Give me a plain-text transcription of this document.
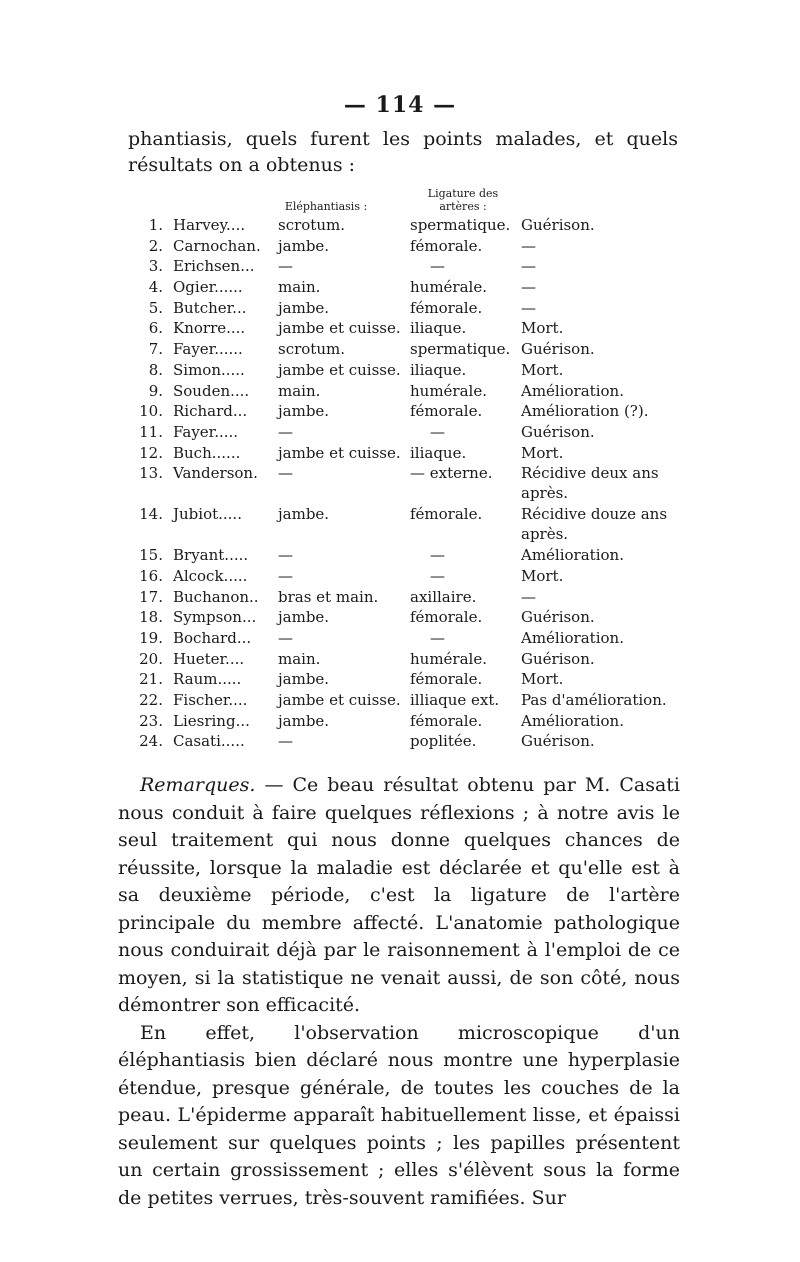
— 114 —

phantiasis, quels furent les points malades, et quels résultats on a obtenus :

Eléphantiasis :
Ligature des artères :
1. Harvey.... scrotum.	spermatique. Guérison.
2. Carnochan. jambe.	fémorale.	—
3. Erichsen... —	—	—
4. Ogier...... main.	humérale. —
5. Butcher... jambe.	fémorale.	—
6. Knorre.... jambe et cuisse. iliaque.	Mort.
7. Fayer...... scrotum.	spermatique. Guérison.
8. Simon..... jambe et cuisse. iliaque.	Mort.
9. Souden.... main.	humérale. Amélioration.
10. Richard... jambe.	fémorale.	Amélioration (?).
11. Fayer.....	—	—	Guérison.
12. Buch......	jambe et cuisse. iliaque.	Mort.
13. Vanderson. —	— externe. Récidive deux ans après.
14. Jubiot..... jambe.	fémorale.	Récidive douze ans après.
15. Bryant..... —	—	Amélioration.
16. Alcock..... —	—	Mort.
17. Buchanon.. bras et main. axillaire.	—
18. Sympson... jambe.	fémorale.	Guérison.
19. Bochard... —	—	Amélioration.
20. Hueter.... main.	humérale. Guérison.
21. Raum..... jambe.	fémorale.	Mort.
22. Fischer.... jambe et cuisse. illiaque ext. Pas d'amélioration.
23. Liesring... jambe.	fémorale.	Amélioration.
24. Casati..... —	poplitée.	Guérison.

Remarques. — Ce beau résultat obtenu par M. Casati nous conduit à faire quelques réflexions ; à notre avis le seul traitement qui nous donne quelques chances de réussite, lorsque la maladie est déclarée et qu'elle est à sa deuxième période, c'est la ligature de l'artère principale du membre affecté. L'anatomie pathologique nous conduirait déjà par le raisonnement à l'emploi de ce moyen, si la statistique ne venait aussi, de son côté, nous démontrer son efficacité.

En effet, l'observation microscopique d'un éléphantiasis bien déclaré nous montre une hyperplasie étendue, presque générale, de toutes les couches de la peau. L'épiderme apparaît habituellement lisse, et épaissi seulement sur quelques points ; les papilles présentent un certain grossissement ; elles s'élèvent sous la forme de petites verrues, très-souvent ramifiées. Sur
